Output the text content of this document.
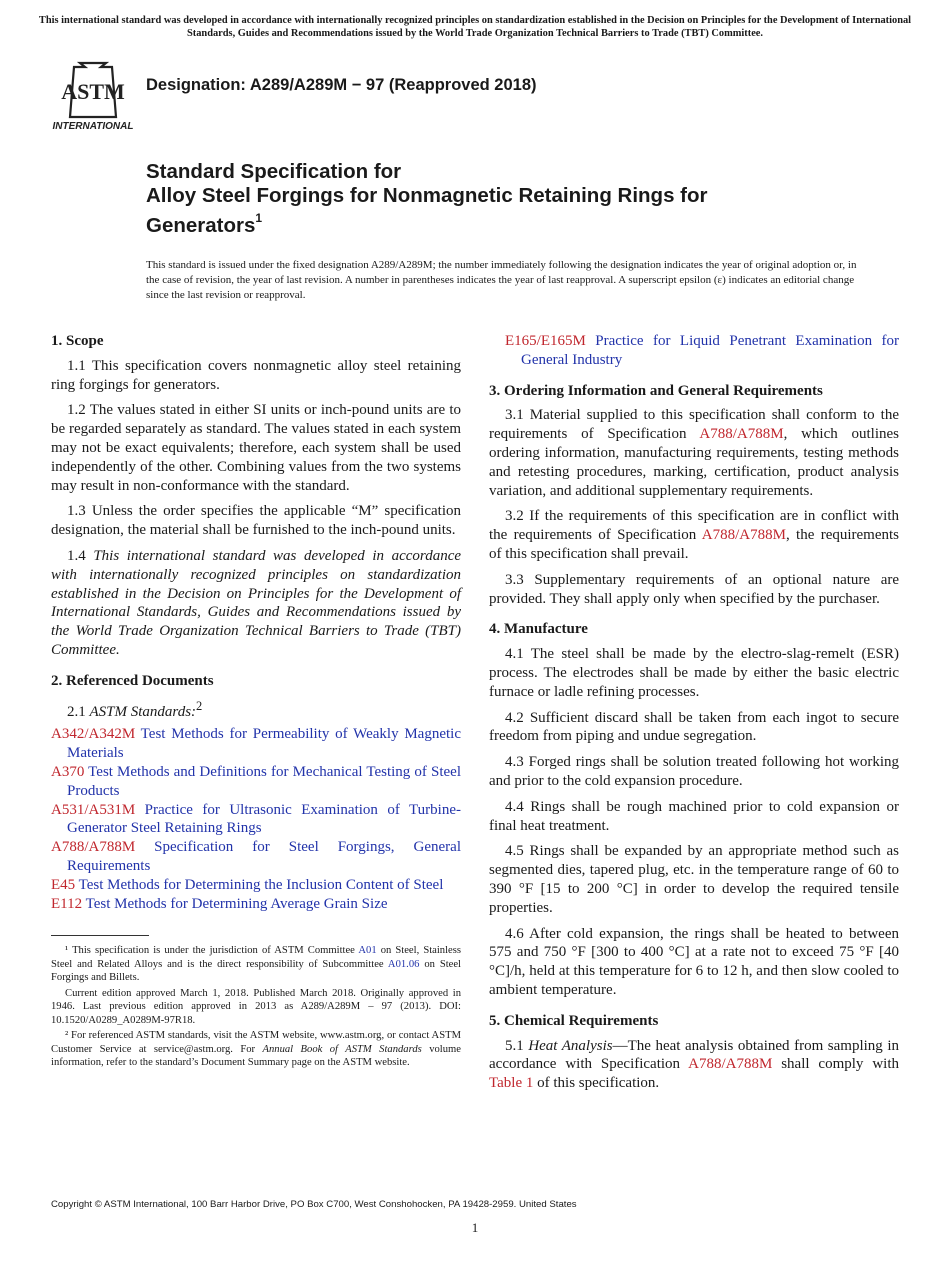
This international standard was developed in accordance with internationally recognized principles on standardization established in the Decision on Principles for the Development of International Standards, Guides and Recommendations issued by the World Trade Organization Technical Barriers to Trade (TBT) Committee.
ASTM
INTERNATIONAL
Designation: A289/A289M − 97 (Reapproved 2018)
Standard Specification for
Alloy Steel Forgings for Nonmagnetic Retaining Rings for
Generators$^1$
This standard is issued under the fixed designation A289/A289M; the number immediately following the designation indicates the year of original adoption or, in the case of revision, the year of last revision. A number in parentheses indicates the year of last reapproval. A superscript epsilon (ε) indicates an editorial change since the last revision or reapproval.
1. Scope

1.1 This specification covers nonmagnetic alloy steel retaining ring forgings for generators.

1.2 The values stated in either SI units or inch-pound units are to be regarded separately as standard. The values stated in each system may not be exact equivalents; therefore, each system shall be used independently of the other. Combining values from the two systems may result in non-conformance with the standard.

1.3 Unless the order specifies the applicable “M” specification designation, the material shall be furnished to the inch-pound units.

1.4 This international standard was developed in accordance with internationally recognized principles on standardization established in the Decision on Principles for the Development of International Standards, Guides and Recommendations issued by the World Trade Organization Technical Barriers to Trade (TBT) Committee.

2. Referenced Documents

2.1 ASTM Standards:$^2$

A342/A342M Test Methods for Permeability of Weakly Magnetic Materials
A370 Test Methods and Definitions for Mechanical Testing of Steel Products
A531/A531M Practice for Ultrasonic Examination of Turbine-Generator Steel Retaining Rings
A788/A788M Specification for Steel Forgings, General Requirements
E45 Test Methods for Determining the Inclusion Content of Steel
E112 Test Methods for Determining Average Grain Size

¹ This specification is under the jurisdiction of ASTM Committee A01 on Steel, Stainless Steel and Related Alloys and is the direct responsibility of Subcommittee A01.06 on Steel Forgings and Billets.

Current edition approved March 1, 2018. Published March 2018. Originally approved in 1946. Last previous edition approved in 2013 as A289/A289M – 97 (2013). DOI: 10.1520/A0289_A0289M-97R18.

² For referenced ASTM standards, visit the ASTM website, www.astm.org, or contact ASTM Customer Service at service@astm.org. For Annual Book of ASTM Standards volume information, refer to the standard’s Document Summary page on the ASTM website.

E165/E165M Practice for Liquid Penetrant Examination for General Industry
3. Ordering Information and General Requirements

3.1 Material supplied to this specification shall conform to the requirements of Specification A788/A788M, which outlines ordering information, manufacturing requirements, testing methods and retesting procedures, marking, certification, product analysis variation, and additional supplementary requirements.

3.2 If the requirements of this specification are in conflict with the requirements of Specification A788/A788M, the requirements of this specification shall prevail.

3.3 Supplementary requirements of an optional nature are provided. They shall apply only when specified by the purchaser.

4. Manufacture

4.1 The steel shall be made by the electro-slag-remelt (ESR) process. The electrodes shall be made by either the basic electric furnace or ladle refining processes.

4.2 Sufficient discard shall be taken from each ingot to secure freedom from piping and undue segregation.

4.3 Forged rings shall be solution treated following hot working and prior to the cold expansion procedure.

4.4 Rings shall be rough machined prior to cold expansion or final heat treatment.

4.5 Rings shall be expanded by an appropriate method such as segmented dies, tapered plug, etc. in the temperature range of 60 to 390 °F [15 to 200 °C] in order to develop the required tensile properties.

4.6 After cold expansion, the rings shall be heated to between 575 and 750 °F [300 to 400 °C] at a rate not to exceed 75 °F [40 °C]/h, held at this temperature for 6 to 12 h, and then slow cooled to ambient temperature.

5. Chemical Requirements

5.1 Heat Analysis—The heat analysis obtained from sampling in accordance with Specification A788/A788M shall comply with Table 1 of this specification.

Copyright © ASTM International, 100 Barr Harbor Drive, PO Box C700, West Conshohocken, PA 19428-2959. United States
1
